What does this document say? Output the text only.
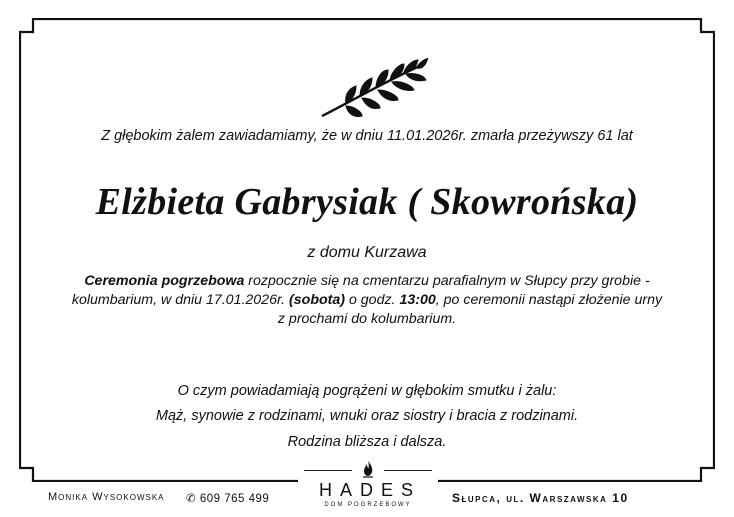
Z głębokim żalem zawiadamiamy, że w dniu 11.01.2026r. zmarła przeżywszy 61 lat
Elżbieta Gabrysiak ( Skowrońska)
z domu Kurzawa
Ceremonia pogrzebowa rozpocznie się na cmentarzu parafialnym w Słupcy przy grobie - kolumbarium, w dniu 17.01.2026r. (sobota) o godz. 13:00, po ceremonii nastąpi złożenie urny z prochami do kolumbarium.
O czym powiadamiają pogrążeni w głębokim smutku i żalu:
Mąż, synowie z rodzinami, wnuki oraz siostry i bracia z rodzinami.
Rodzina bliższa i dalsza.
Monika Wysokowska ✆ 609 765 499	HADES
DOM POGRZEBOWY	Słupca, ul. Warszawska 10
